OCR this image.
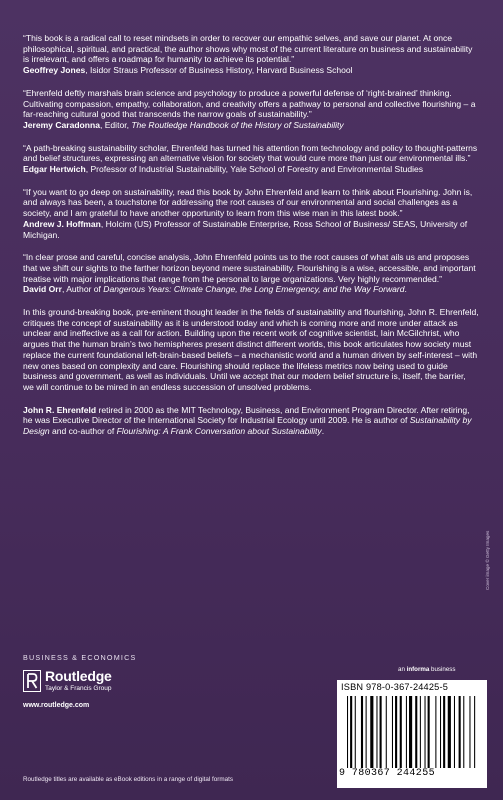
“This book is a radical call to reset mindsets in order to recover our empathic selves, and save our planet. At once philosophical, spiritual, and practical, the author shows why most of the current literature on business and sustainability is irrelevant, and offers a roadmap for humanity to achieve its potential.”

Geoffrey Jones, Isidor Straus Professor of Business History, Harvard Business School

“Ehrenfeld deftly marshals brain science and psychology to produce a powerful defense of ‘right-brained’ thinking. Cultivating compassion, empathy, collaboration, and creativity offers a pathway to personal and collective flourishing – a far-reaching cultural good that transcends the narrow goals of sustainability.”

Jeremy Caradonna, Editor, The Routledge Handbook of the History of Sustainability

“A path-breaking sustainability scholar, Ehrenfeld has turned his attention from technology and policy to thought-patterns and belief structures, expressing an alternative vision for society that would cure more than just our environmental ills.”

Edgar Hertwich, Professor of Industrial Sustainability, Yale School of Forestry and Environmental Studies

“If you want to go deep on sustainability, read this book by John Ehrenfeld and learn to think about Flourishing. John is, and always has been, a touchstone for addressing the root causes of our environmental and social challenges as a society, and I am grateful to have another opportunity to learn from this wise man in this latest book.”

Andrew J. Hoffman, Holcim (US) Professor of Sustainable Enterprise, Ross School of Business/ SEAS, University of Michigan.

“In clear prose and careful, concise analysis, John Ehrenfeld points us to the root causes of what ails us and proposes that we shift our sights to the farther horizon beyond mere sustainability. Flourishing is a wise, accessible, and important treatise with major implications that range from the personal to large organizations. Very highly recommended.”

David Orr, Author of Dangerous Years: Climate Change, the Long Emergency, and the Way Forward.

In this ground-breaking book, pre-eminent thought leader in the fields of sustainability and flourishing, John R. Ehrenfeld, critiques the concept of sustainability as it is understood today and which is coming more and more under attack as unclear and ineffective as a call for action. Building upon the recent work of cognitive scientist, Iain McGilchrist, who argues that the human brain’s two hemispheres present distinct different worlds, this book articulates how society must replace the current foundational left-brain-based beliefs – a mechanistic world and a human driven by self-interest – with new ones based on complexity and care. Flourishing should replace the lifeless metrics now being used to guide business and government, as well as individuals. Until we accept that our modern belief structure is, itself, the barrier, we will continue to be mired in an endless succession of unsolved problems.

John R. Ehrenfeld retired in 2000 as the MIT Technology, Business, and Environment Program Director. After retiring, he was Executive Director of the International Society for Industrial Ecology until 2009. He is author of Sustainability by Design and co-author of Flourishing: A Frank Conversation about Sustainability.

BUSINESS & ECONOMICS
Routledge
Taylor & Francis Group
www.routledge.com
an informa business
Cover image © Getty Images
ISBN 978-0-367-24425-5
9 780367 244255
Routledge titles are available as eBook editions in a range of digital formats
